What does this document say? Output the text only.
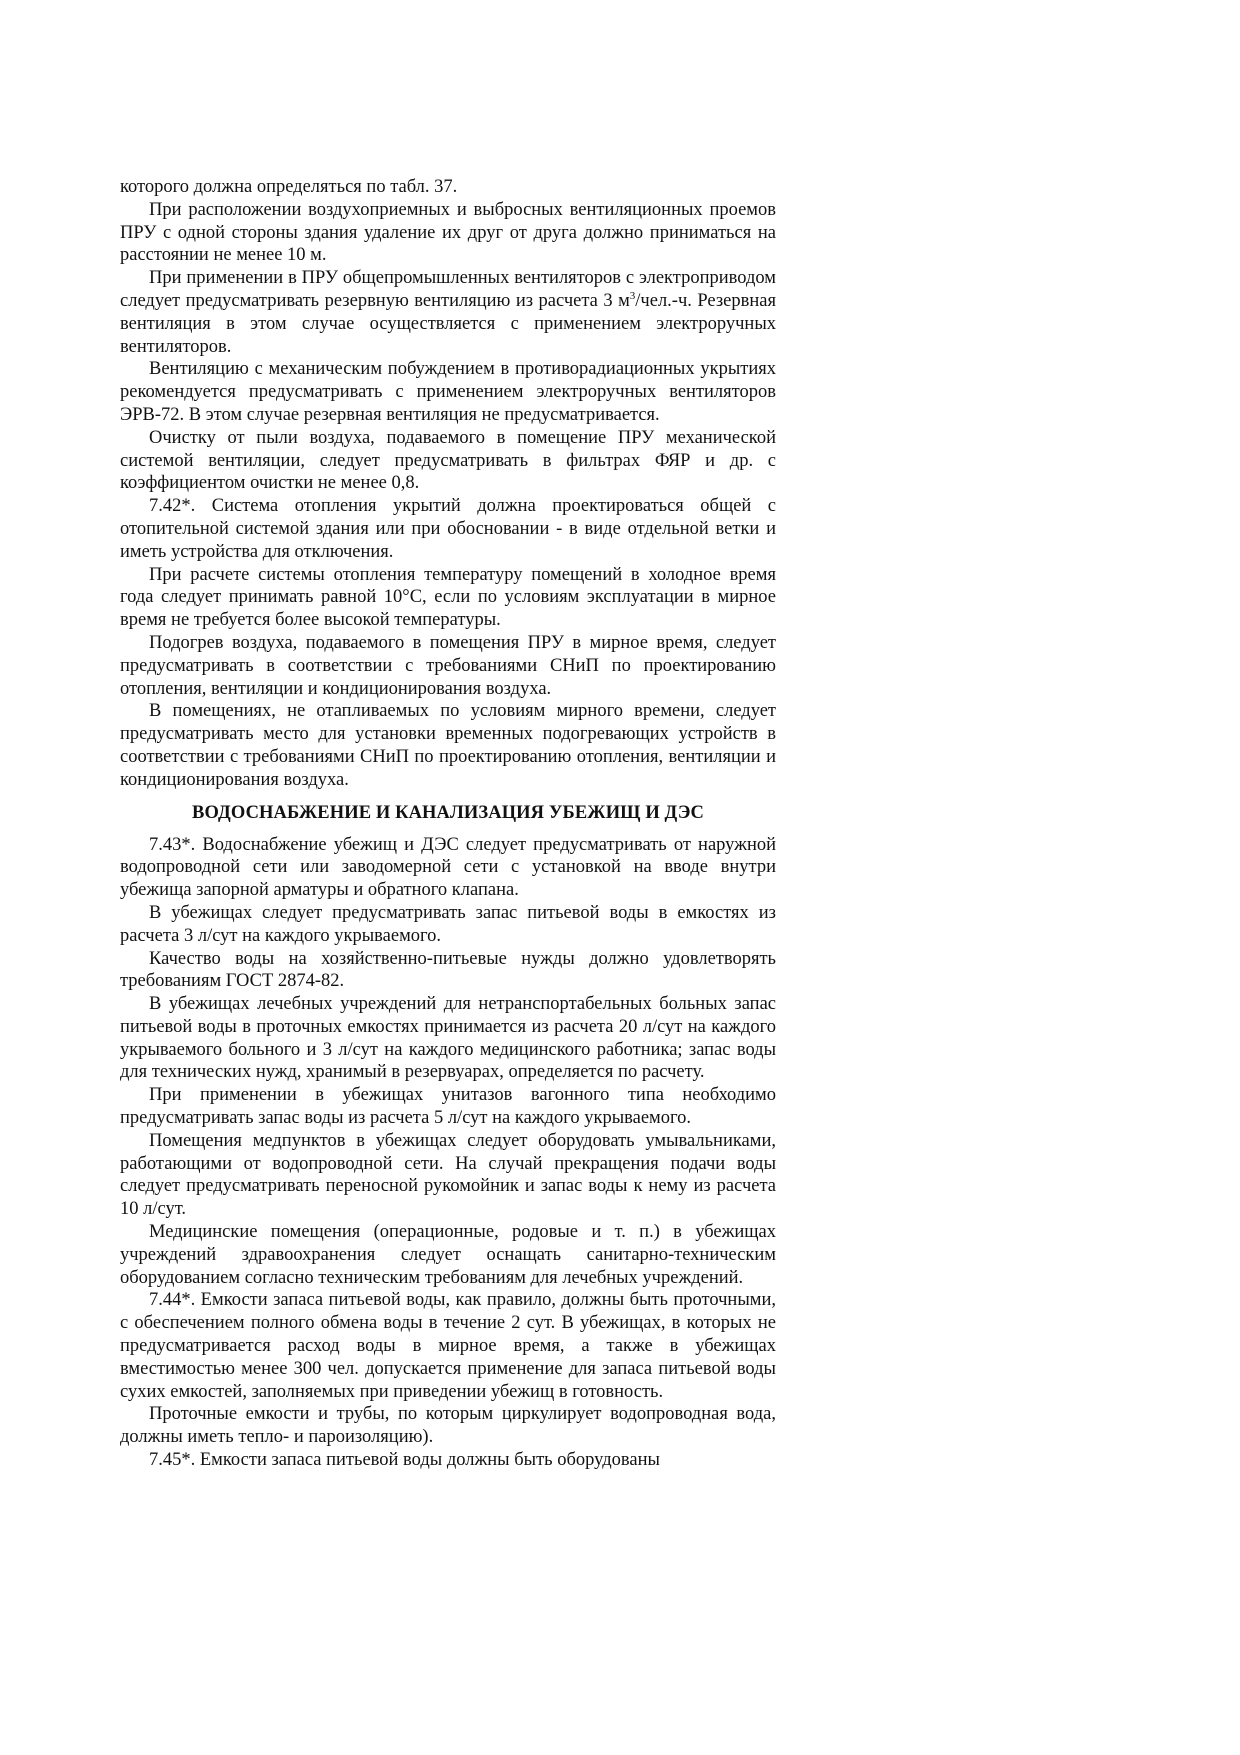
которого должна определяться по табл. 37.

При расположении воздухоприемных и выбросных вентиляционных проемов ПРУ с одной стороны здания удаление их друг от друга должно приниматься на расстоянии не менее 10 м.

При применении в ПРУ общепромышленных вентиляторов с электроприводом следует предусматривать резервную вентиляцию из расчета 3 $м^3/чел.-ч$. Резервная вентиляция в этом случае осуществляется с применением электроручных вентиляторов.

Вентиляцию с механическим побуждением в противорадиационных укрытиях рекомендуется предусматривать с применением электроручных вентиляторов ЭРВ-72. В этом случае резервная вентиляция не предусматривается.

Очистку от пыли воздуха, подаваемого в помещение ПРУ механической системой вентиляции, следует предусматривать в фильтрах ФЯР и др. с коэффициентом очистки не менее 0,8.

7.42*. Система отопления укрытий должна проектироваться общей с отопительной системой здания или при обосновании - в виде отдельной ветки и иметь устройства для отключения.

При расчете системы отопления температуру помещений в холодное время года следует принимать равной 10°С, если по условиям эксплуатации в мирное время не требуется более высокой температуры.

Подогрев воздуха, подаваемого в помещения ПРУ в мирное время, следует предусматривать в соответствии с требованиями СНиП по проектированию отопления, вентиляции и кондиционирования воздуха.

В помещениях, не отапливаемых по условиям мирного времени, следует предусматривать место для установки временных подогревающих устройств в соответствии с требованиями СНиП по проектированию отопления, вентиляции и кондиционирования воздуха.

ВОДОСНАБЖЕНИЕ И КАНАЛИЗАЦИЯ УБЕЖИЩ И ДЭС

7.43*. Водоснабжение убежищ и ДЭС следует предусматривать от наружной водопроводной сети или заводомерной сети с установкой на вводе внутри убежища запорной арматуры и обратного клапана.

В убежищах следует предусматривать запас питьевой воды в емкостях из расчета 3 л/сут на каждого укрываемого.

Качество воды на хозяйственно-питьевые нужды должно удовлетворять требованиям ГОСТ 2874-82.

В убежищах лечебных учреждений для нетранспортабельных больных запас питьевой воды в проточных емкостях принимается из расчета 20 л/сут на каждого укрываемого больного и 3 л/сут на каждого медицинского работника; запас воды для технических нужд, хранимый в резервуарах, определяется по расчету.

При применении в убежищах унитазов вагонного типа необходимо предусматривать запас воды из расчета 5 л/сут на каждого укрываемого.

Помещения медпунктов в убежищах следует оборудовать умывальниками, работающими от водопроводной сети. На случай прекращения подачи воды следует предусматривать переносной рукомойник и запас воды к нему из расчета 10 л/сут.

Медицинские помещения (операционные, родовые и т. п.) в убежищах учреждений здравоохранения следует оснащать санитарно-техническим оборудованием согласно техническим требованиям для лечебных учреждений.

7.44*. Емкости запаса питьевой воды, как правило, должны быть проточными, с обеспечением полного обмена воды в течение 2 сут. В убежищах, в которых не предусматривается расход воды в мирное время, а также в убежищах вместимостью менее 300 чел. допускается применение для запаса питьевой воды сухих емкостей, заполняемых при приведении убежищ в готовность.

Проточные емкости и трубы, по которым циркулирует водопроводная вода, должны иметь тепло- и пароизоляцию).

7.45*. Емкости запаса питьевой воды должны быть оборудованы
